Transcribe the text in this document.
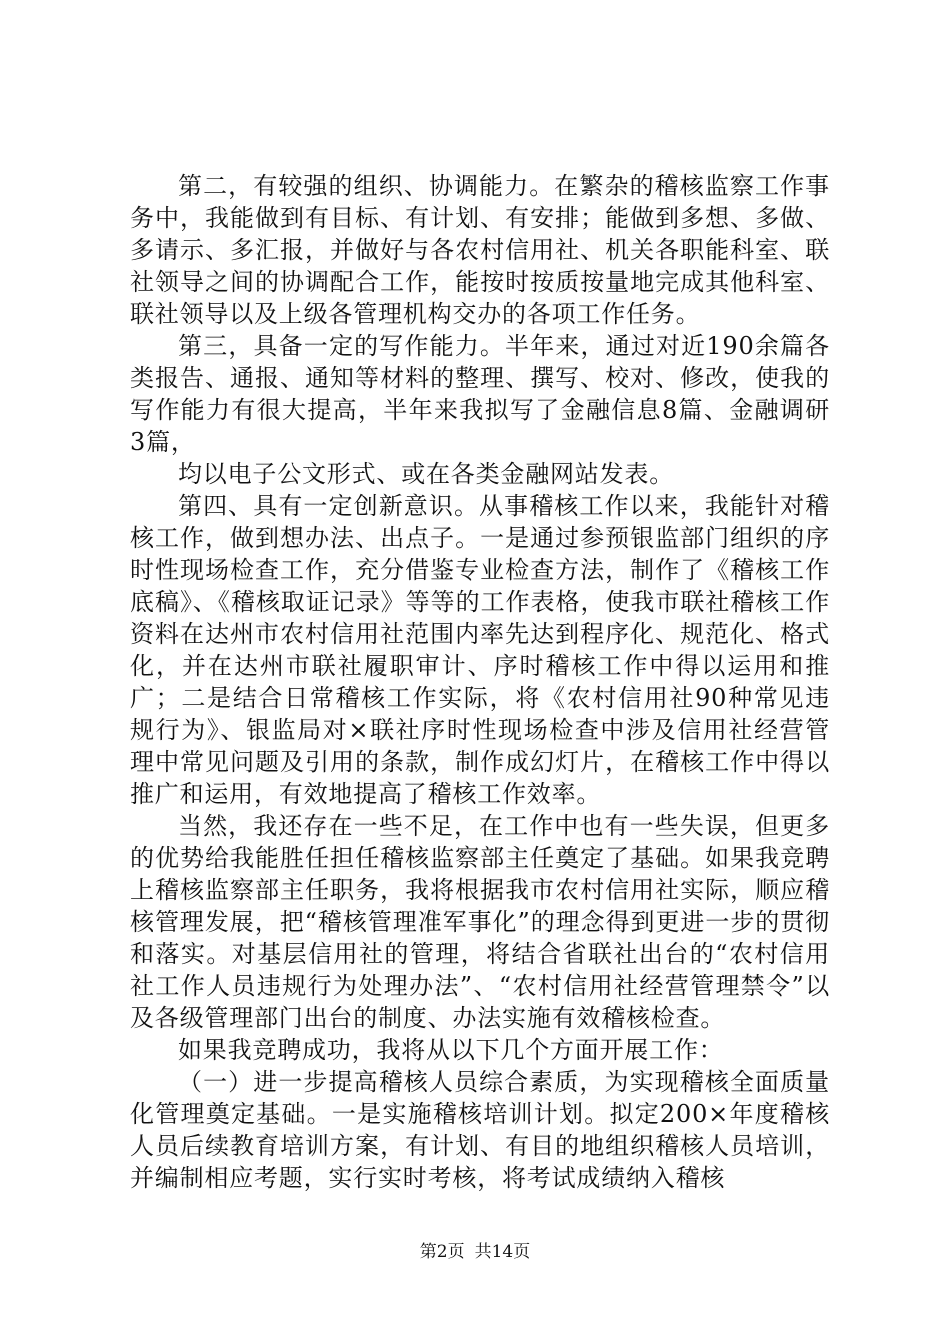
第二，有较强的组织、协调能力。在繁杂的稽核监察工作事务中，我能做到有目标、有计划、有安排；能做到多想、多做、多请示、多汇报，并做好与各农村信用社、机关各职能科室、联社领导之间的协调配合工作，能按时按质按量地完成其他科室、联社领导以及上级各管理机构交办的各项工作任务。

第三，具备一定的写作能力。半年来，通过对近190余篇各类报告、通报、通知等材料的整理、撰写、校对、修改，使我的写作能力有很大提高，半年来我拟写了金融信息8篇、金融调研3篇，

均以电子公文形式、或在各类金融网站发表。

第四、具有一定创新意识。从事稽核工作以来，我能针对稽核工作，做到想办法、出点子。一是通过参预银监部门组织的序时性现场检查工作，充分借鉴专业检查方法，制作了《稽核工作底稿》、《稽核取证记录》等等的工作表格，使我市联社稽核工作资料在达州市农村信用社范围内率先达到程序化、规范化、格式化，并在达州市联社履职审计、序时稽核工作中得以运用和推广；二是结合日常稽核工作实际，将《农村信用社90种常见违规行为》、银监局对×联社序时性现场检查中涉及信用社经营管理中常见问题及引用的条款，制作成幻灯片，在稽核工作中得以推广和运用，有效地提高了稽核工作效率。

当然，我还存在一些不足，在工作中也有一些失误，但更多的优势给我能胜任担任稽核监察部主任奠定了基础。如果我竞聘上稽核监察部主任职务，我将根据我市农村信用社实际，顺应稽核管理发展，把“稽核管理准军事化”的理念得到更进一步的贯彻和落实。对基层信用社的管理，将结合省联社出台的“农村信用社工作人员违规行为处理办法”、“农村信用社经营管理禁令”以及各级管理部门出台的制度、办法实施有效稽核检查。

如果我竞聘成功，我将从以下几个方面开展工作：

（一）进一步提高稽核人员综合素质，为实现稽核全面质量化管理奠定基础。一是实施稽核培训计划。拟定200×年度稽核人员后续教育培训方案，有计划、有目的地组织稽核人员培训，并编制相应考题，实行实时考核，将考试成绩纳入稽核

第2页 共14页
